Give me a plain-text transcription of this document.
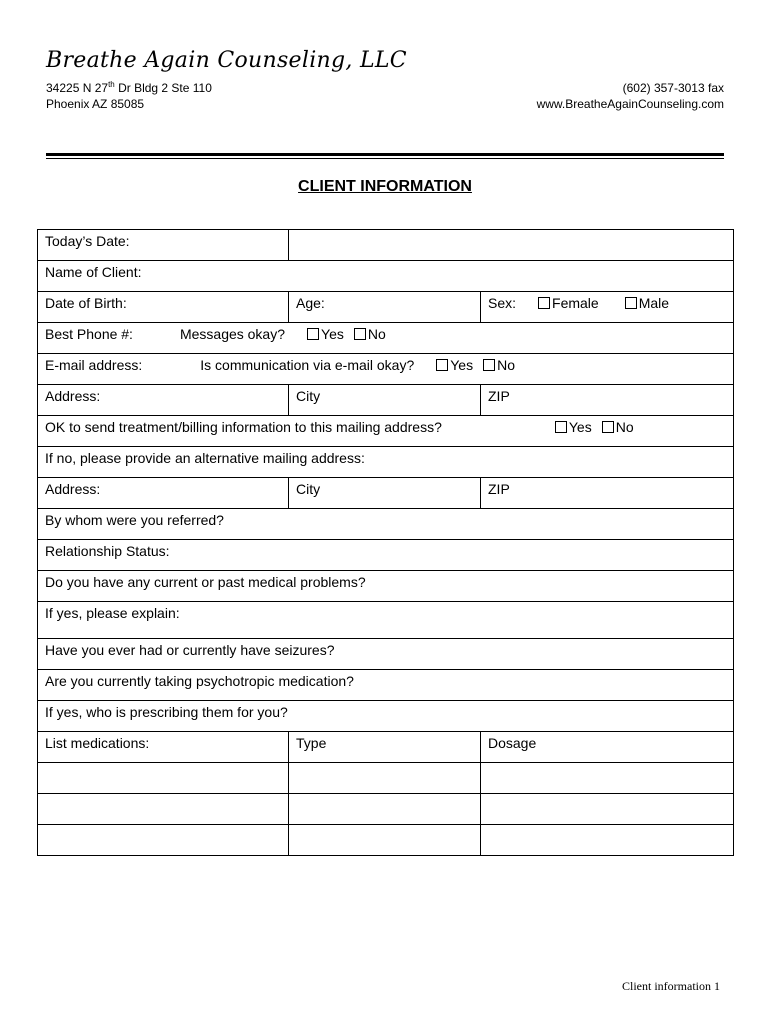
Breathe Again Counseling, LLC
34225 N 27th Dr Bldg 2 Ste 110
Phoenix AZ 85085
(602) 357-3013 fax
www.BreatheAgainCounseling.com
CLIENT INFORMATION
Today’s Date:		
Name of Client:		
Date of Birth:	Age:	Sex: Female Male
Best Phone #: Messages okay? Yes No		
E-mail address: Is communication via e-mail okay? Yes No		
Address:	City	ZIP
OK to send treatment/billing information to this mailing address? Yes No		
If no, please provide an alternative mailing address:		
Address:	City	ZIP
By whom were you referred?		
Relationship Status:		
Do you have any current or past medical problems?		
If yes, please explain:		
Have you ever had or currently have seizures?		
Are you currently taking psychotropic medication?		
If yes, who is prescribing them for you?		
List medications:	Type	Dosage

Client information 1
